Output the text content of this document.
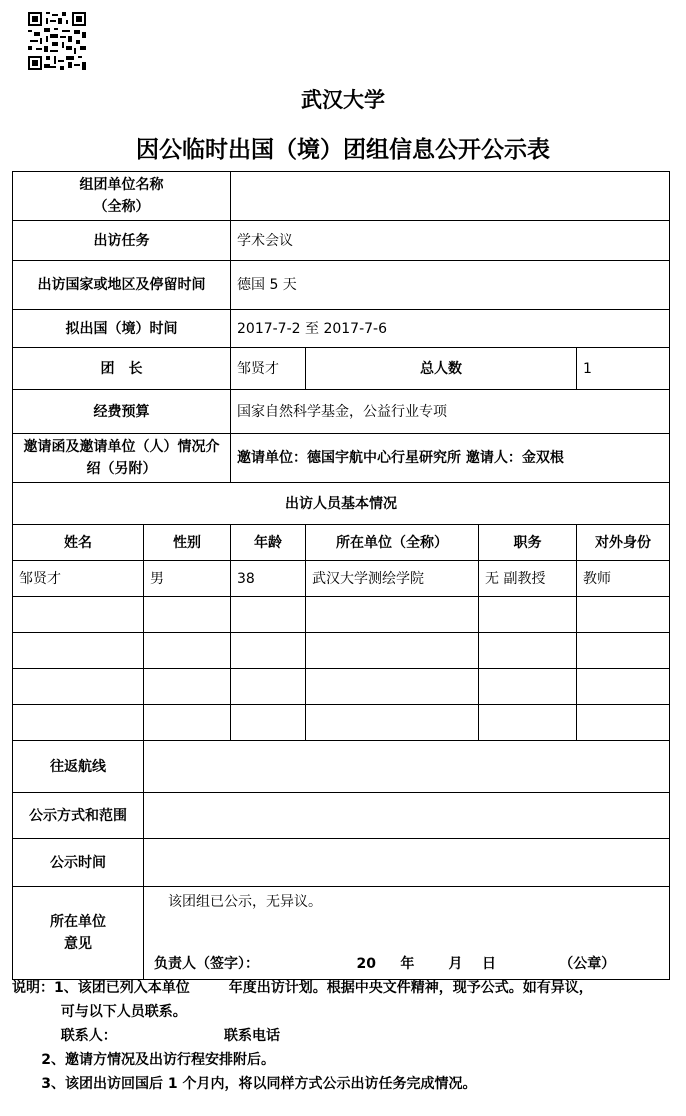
武汉大学
因公临时出国（境）团组信息公开公示表
组团单位名称
（全称）					
出访任务		学术会议			
出访国家或地区及停留时间		德国 5 天			
拟出国（境）时间		2017-7-2 至 2017-7-6			
团　长		邹贤才	总人数		1
经费预算		国家自然科学基金，公益行业专项			
邀请函及邀请单位（人）情况介绍（另附）		邀请单位：德国宇航中心行星研究所 邀请人：金双根			
出访人员基本情况					
姓名	性别	年龄	所在单位（全称）	职务	对外身份
邹贤才	男	38	武汉大学测绘学院	无 副教授	教师

往返航线					
公示方式和范围					
公示时间					
所在单位
意见	该团组已公示，无异议。
负责人（签字）：                    20     年       月    日             （公章）				
说明：1、该团已列入本单位        年度出访计划。根据中央文件精神，现予公式。如有异议，
可与以下人员联系。
联系人：                      联系电话
2、邀请方情况及出访行程安排附后。
3、该团出访回国后 1 个月内，将以同样方式公示出访任务完成情况。
